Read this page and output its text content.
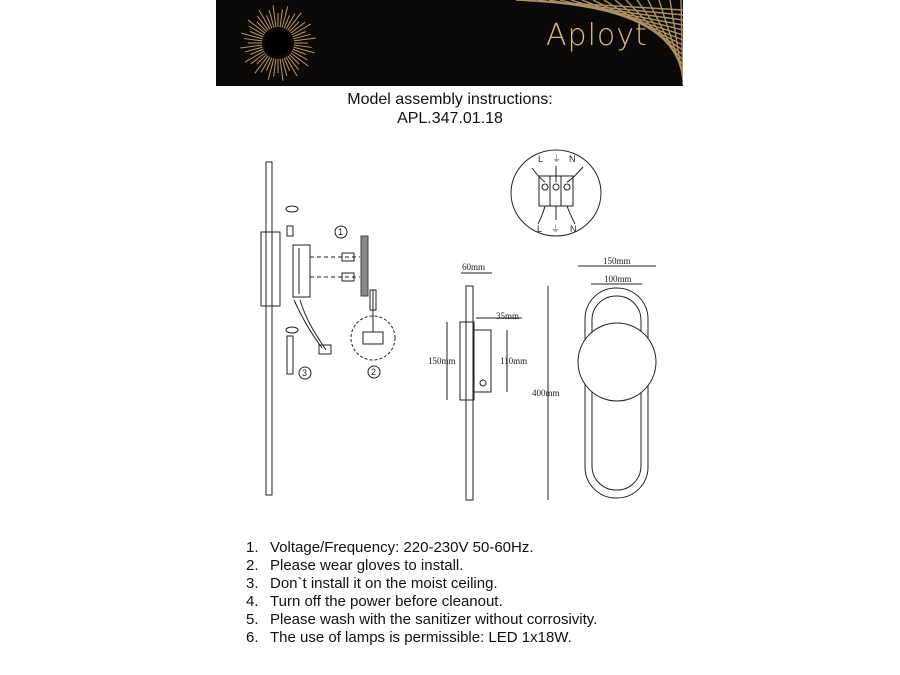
Aployt
Model assembly instructions:
APL.347.01.18
1
2
3
L ⏚ N
L ⏚ N
60mm
35mm
150mm	110mm
400mm
150mm
100mm
1. Voltage/Frequency: 220-230V 50-60Hz.
2. Please wear gloves to install.
3. Don`t install it on the moist ceiling.
4. Turn off the power before cleanout.
5. Please wash with the sanitizer without corrosivity.
6. The use of lamps is permissible: LED 1x18W.
